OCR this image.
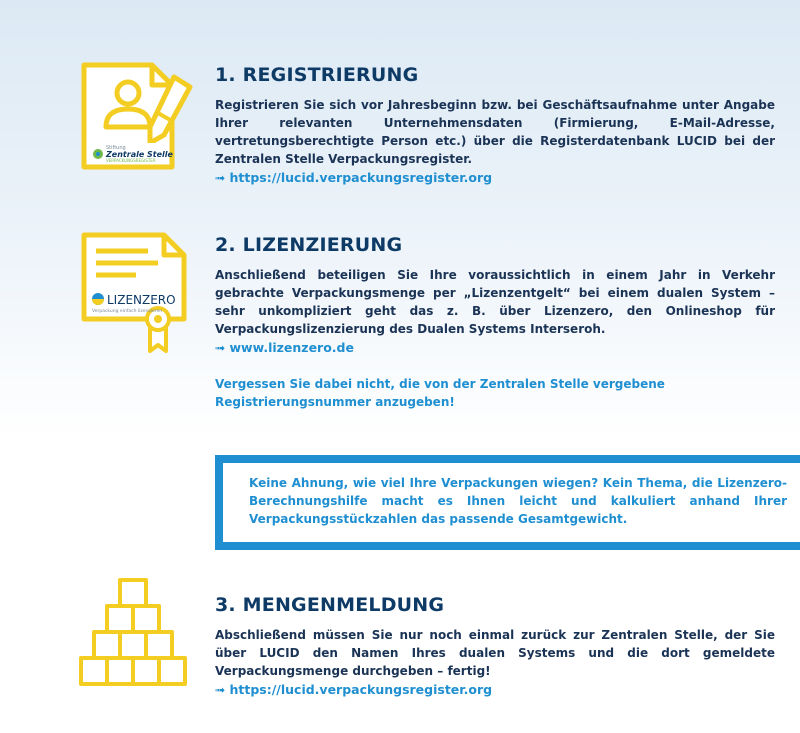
Stiftung
Zentrale Stelle
VERPACKUNGSREGISTER
LIZENZERO
Verpackung einfach lizenzieren
1. REGISTRIERUNG

Registrieren Sie sich vor Jahresbeginn bzw. bei Geschäftsaufnahme unter Angabe Ihrer relevanten Unternehmensdaten (Firmierung, E-Mail-Adresse, vertretungsberechtigte Person etc.) über die Registerdatenbank LUCID bei der Zentralen Stelle Verpackungsregister.

➟ https://lucid.verpackungsregister.org
2. LIZENZIERUNG

Anschließend beteiligen Sie Ihre voraussichtlich in einem Jahr in Verkehr gebrachte Verpackungsmenge per „Lizenzentgelt“ bei einem dualen System – sehr unkompliziert geht das z. B. über Lizenzero, den Onlineshop für Verpackungslizenzierung des Dualen Systems Interseroh.

➟ www.lizenzero.de

Vergessen Sie dabei nicht, die von der Zentralen Stelle vergebene Registrierungsnummer anzugeben!

Keine Ahnung, wie viel Ihre Verpackungen wiegen? Kein Thema, die Lizenzero-Berechnungshilfe macht es Ihnen leicht und kalkuliert anhand Ihrer Verpackungsstückzahlen das passende Gesamtgewicht.

3. MENGENMELDUNG

Abschließend müssen Sie nur noch einmal zurück zur Zentralen Stelle, der Sie über LUCID den Namen Ihres dualen Systems und die dort gemeldete Verpackungsmenge durchgeben – fertig!

➟ https://lucid.verpackungsregister.org
